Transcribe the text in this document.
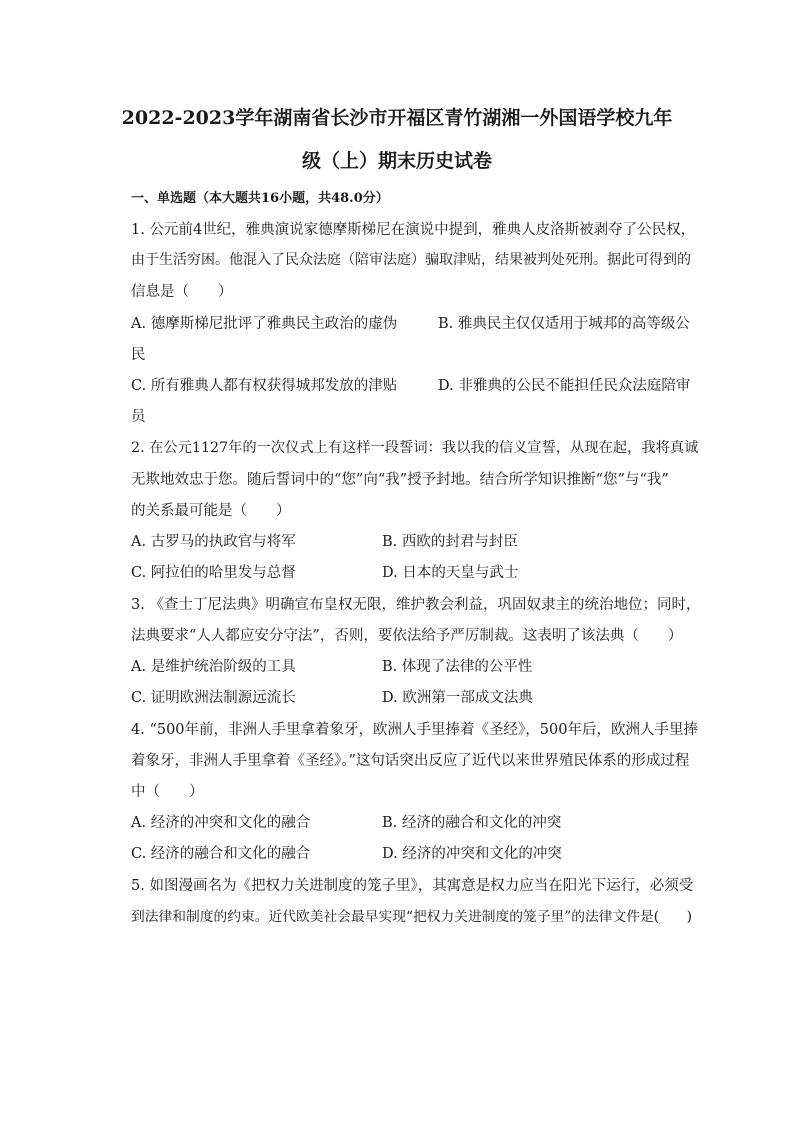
2022-2023学年湖南省长沙市开福区青竹湖湘一外国语学校九年
级（上）期末历史试卷
一、单选题（本大题共16小题，共48.0分）
1. 公元前4世纪，雅典演说家德摩斯梯尼在演说中提到，雅典人皮洛斯被剥夺了公民权，
由于生活穷困。他混入了民众法庭（陪审法庭）骗取津贴，结果被判处死刑。据此可得到的
信息是（　　）
A. 德摩斯梯尼批评了雅典民主政治的虚伪	B. 雅典民主仅仅适用于城邦的高等级公
民
C. 所有雅典人都有权获得城邦发放的津贴	D. 非雅典的公民不能担任民众法庭陪审
员
2. 在公元1127年的一次仪式上有这样一段誓词：我以我的信义宣誓，从现在起，我将真诚
无欺地效忠于您。随后誓词中的“您”向“我”授予封地。结合所学知识推断“您”与“我”
的关系最可能是（　　）
A. 古罗马的执政官与将军	B. 西欧的封君与封臣
C. 阿拉伯的哈里发与总督	D. 日本的天皇与武士
3. 《查士丁尼法典》明确宣布皇权无限，维护教会利益，巩固奴隶主的统治地位；同时，
法典要求“人人都应安分守法”，否则，要依法给予严厉制裁。这表明了该法典（　　）
A. 是维护统治阶级的工具	B. 体现了法律的公平性
C. 证明欧洲法制源远流长	D. 欧洲第一部成文法典
4. “500年前，非洲人手里拿着象牙，欧洲人手里捧着《圣经》，500年后，欧洲人手里捧
着象牙，非洲人手里拿着《圣经》。”这句话突出反应了近代以来世界殖民体系的形成过程
中（　　）
A. 经济的冲突和文化的融合	B. 经济的融合和文化的冲突
C. 经济的融合和文化的融合	D. 经济的冲突和文化的冲突
5. 如图漫画名为《把权力关进制度的笼子里》，其寓意是权力应当在阳光下运行，必须受
到法律和制度的约束。近代欧美社会最早实现“把权力关进制度的笼子里”的法律文件是(　　)
